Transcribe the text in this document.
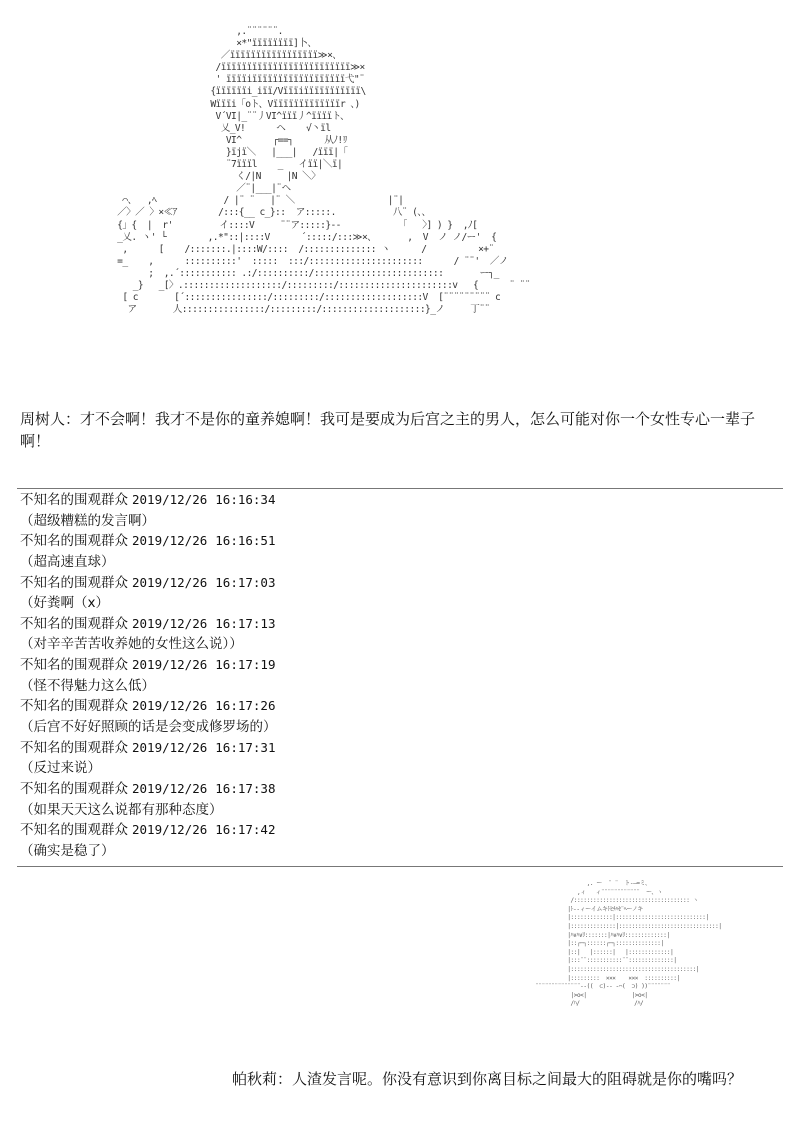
,.¨¨¨¨¨¨.
×*"ïïïïïïïï]卜、
／ïïïïïïïïïïïïïïïïï≫×、
/ïïïïïïïïïïïïïïïïïïïïïïïïï≫×
' ïïïïiïïïïïïïïïïïïïïïïïï弋"¨
{ïïïïïïi_iïï/Vïïïiïïïïïïïïïïï\
Wïïïi「oト、Vïïïïïïïïïïïïïr 、)
V´VI|_¨¨丿VI^ïïï丿^ïïïïト、
乂_V!      ヘ    √丶ïl
VI^      ┌==┐      从ﾉ!ﾘ
}ïjï＼   |___|   /ïïï|「
¨7ïïïl    _   イïï|＼ï|
く/|N     |N ＼〉
／¨|___|¨ヘ
⌒、  ,ﾍ             / |¨ ¨   |¨ ＼                  |¨|
／〉／ 〉×≪ｱ        /:::{__ c_}::  ア:::::.           八¨ (、、
{」{  |  r'         イ::::V     ¨¨ア:::::}--           「   〉] ) }  ,ﾉ[
_乂. ヽ' └        ,.*"::|::::V      ´:::::/:::≫×、      ,  V  ノ ノ/ー'  {
,      [    /:::::::.|::::W/::::  /:::::::::::::: ヽ      /          ×+¨
=_    ,      ::::::::::'  :::::  :::/::::::::::::::::::::::      / ¨¨'  ／ノ
;  ,.´::::::::::: .:/::::::::::/:::::::::::::::::::::::::       ー┐_
_}   _[〉.:::::::::::::::::::/:::::::::/::::::::::::::::::::::v   {      ¨ ¨¨
[ c       [´::::::::::::::::/:::::::::/:::::::::::::::::::V  [¨¨¨¨¨¨¨¨¨ c
ア       人::::::::::::::::/:::::::::/::::::::::::::::::::}_ノ     丁¨¨
周树人：才不会啊！我才不是你的童养媳啊！我可是要成为后宫之主的男人，怎么可能对你一个女性专心一辈子啊！
不知名的围观群众 2019/12/26 16:16:34
（超级糟糕的发言啊）
不知名的围观群众 2019/12/26 16:16:51
（超高速直球）
不知名的围观群众 2019/12/26 16:17:03
（好粪啊（x）
不知名的围观群众 2019/12/26 16:17:13
（对辛辛苦苦收养她的女性这么说））
不知名的围观群众 2019/12/26 16:17:19
（怪不得魅力这么低）
不知名的围观群众 2019/12/26 16:17:26
（后宫不好好照顾的话是会变成修罗场的）
不知名的围观群众 2019/12/26 16:17:31
（反过来说）
不知名的围观群众 2019/12/26 16:17:38
（如果天天这么说都有那种态度）
不知名的围观群众 2019/12/26 16:17:42
（确实是稳了）
,. ー  ¨ ¨  ト-―=ミ、
,ィ   ィ¨¨¨¨¨¨¨¨¨¨¨¨  ー、ヽ
/:::::::::::::::::::::::::::::::::::: ヽ
|ﾄ--ィーイムキﾄﾋﾁﾊｾ¨ﾍーノキ
|:::::::::::::|::::::::::::::::::::::::::::|
|::::::::::::::|:::::::::::::::::::::::::::::::|
|ﾊ∨ﾊ∨ﾘ:::::::|ﾊ∨ﾊ∨ﾘ:::::::::::::|
|::┌─┐::::::┌─┐::::::::::::::|
|::|   |::::::|   |:::::::::::::|
|:::¨¨:::::::::::¨¨::::::::::::::|
|:::::::::::::::::::::::::::::::::::::::|
|:::::::::  ×××    ×××  ::::::::::|
¨¨¨¨¨¨¨¨¨¨¨¨¨¨--((  ⊂)-- -⌒(  ⊃) ))¨¨¨¨¨¨¨
|>o<|              |>o<|
/ﾊ/                 /ﾊ/
帕秋莉：人渣发言呢。你没有意识到你离目标之间最大的阻碍就是你的嘴吗？
